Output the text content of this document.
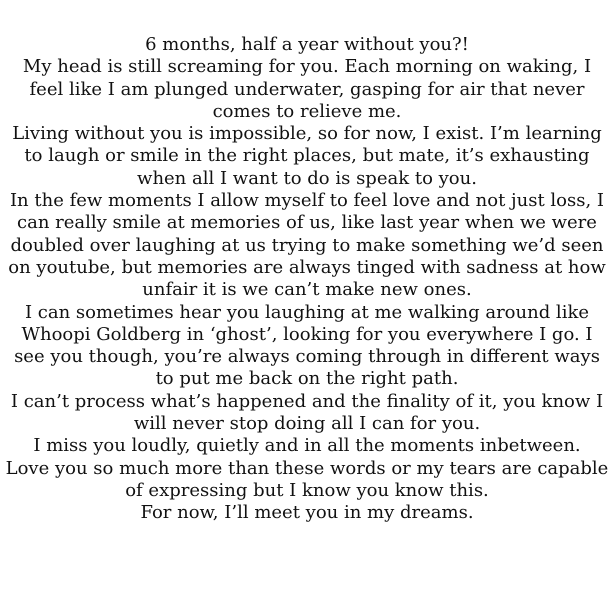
6 months, half a year without you?!

My head is still screaming for you. Each morning on waking, I

feel like I am plunged underwater, gasping for air that never

comes to relieve me.

Living without you is impossible, so for now, I exist. I’m learning

to laugh or smile in the right places, but mate, it’s exhausting

when all I want to do is speak to you.

In the few moments I allow myself to feel love and not just loss, I

can really smile at memories of us, like last year when we were

doubled over laughing at us trying to make something we’d seen

on youtube, but memories are always tinged with sadness at how

unfair it is we can’t make new ones.

I can sometimes hear you laughing at me walking around like

Whoopi Goldberg in ‘ghost’, looking for you everywhere I go. I

see you though, you’re always coming through in different ways

to put me back on the right path.

I can’t process what’s happened and the finality of it, you know I

will never stop doing all I can for you.

I miss you loudly, quietly and in all the moments inbetween.

Love you so much more than these words or my tears are capable

of expressing but I know you know this.

For now, I’ll meet you in my dreams.
